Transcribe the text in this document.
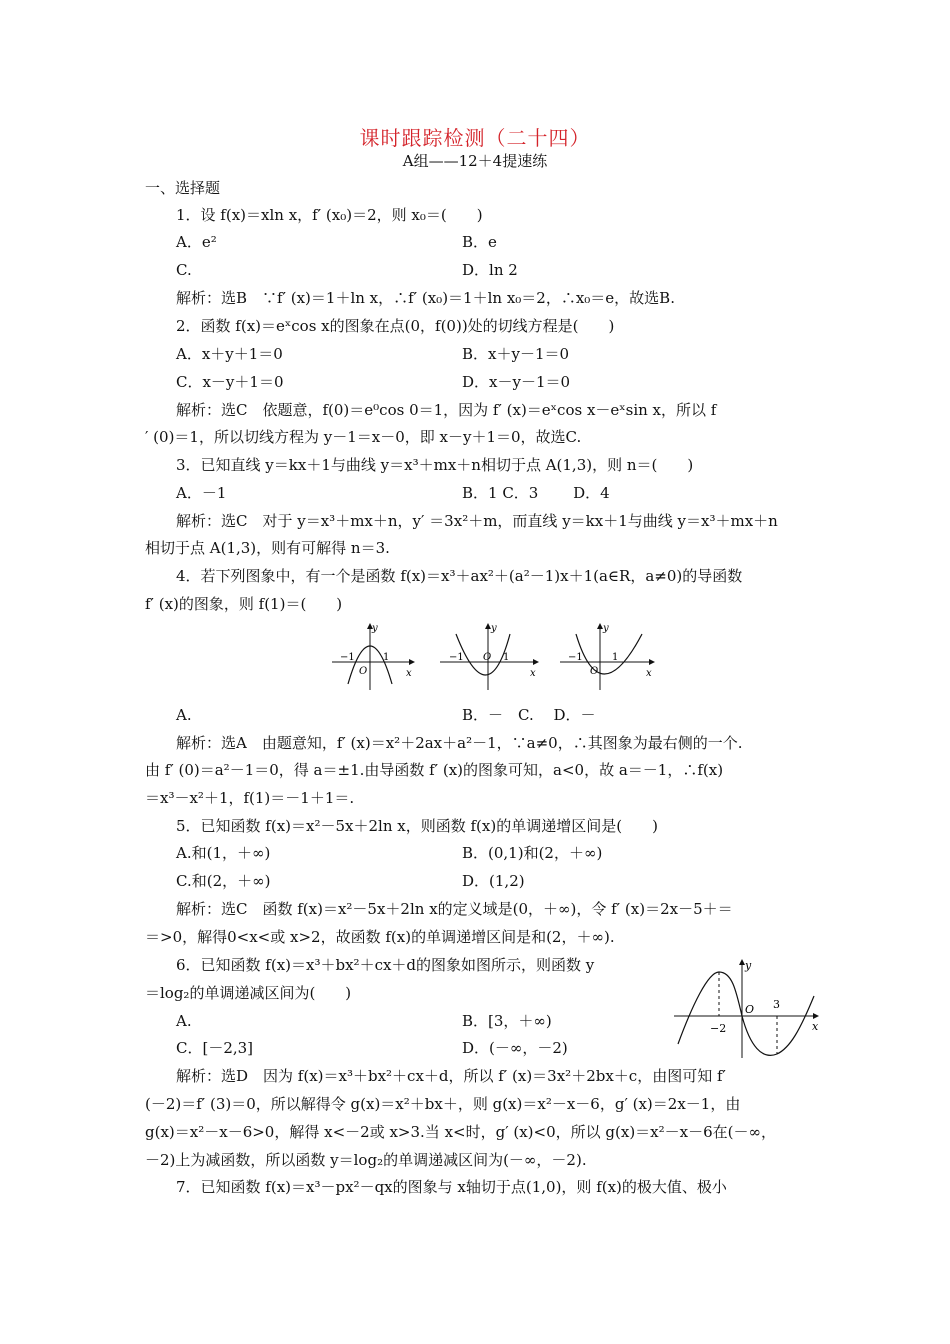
课时跟踪检测（二十四）
A组——12＋4提速练
一、选择题
1．设 f(x)＝xln x，f′ (x₀)＝2，则 x₀＝(　　)
A．e²	B．e
C.	D．ln 2
解析：选B　∵f′ (x)＝1＋ln x，∴f′ (x₀)＝1＋ln x₀＝2，∴x₀＝e，故选B.
2．函数 f(x)＝eˣcos x的图象在点(0，f(0))处的切线方程是(　　)
A．x＋y＋1＝0	B．x＋y－1＝0
C．x－y＋1＝0	D．x－y－1＝0
解析：选C　依题意，f(0)＝e⁰cos 0＝1，因为 f′ (x)＝eˣcos x－eˣsin x，所以 f
′ (0)＝1，所以切线方程为 y－1＝x－0，即 x－y＋1＝0，故选C.
3．已知直线 y＝kx＋1与曲线 y＝x³＋mx＋n相切于点 A(1,3)，则 n＝(　　)
A．－1	B．1 C．3　　 D．4
解析：选C　对于 y＝x³＋mx＋n，y′ ＝3x²＋m，而直线 y＝kx＋1与曲线 y＝x³＋mx＋n
相切于点 A(1,3)，则有可解得 n＝3.
4．若下列图象中，有一个是函数 f(x)＝x³＋ax²＋(a²－1)x＋1(a∈R，a≠0)的导函数
f′ (x)的图象，则 f(1)＝(　　)
y
x
O
−1	1
y
x
O
−1	1
y
x
O
−1	1
A.	B．－　C.　 D．－
解析：选A　由题意知，f′ (x)＝x²＋2ax＋a²－1，∵a≠0，∴其图象为最右侧的一个.
由 f′ (0)＝a²－1＝0，得 a＝±1.由导函数 f′ (x)的图象可知，a<0，故 a＝－1，∴f(x)
＝x³－x²＋1，f(1)＝－1＋1＝.
5．已知函数 f(x)＝x²－5x＋2ln x，则函数 f(x)的单调递增区间是(　　)
A.和(1，＋∞)	B．(0,1)和(2，＋∞)
C.和(2，＋∞)	D．(1,2)
解析：选C　函数 f(x)＝x²－5x＋2ln x的定义域是(0，＋∞)，令 f′ (x)＝2x－5＋＝
＝>0，解得0<x<或 x>2，故函数 f(x)的单调递增区间是和(2，＋∞).
6．已知函数 f(x)＝x³＋bx²＋cx＋d的图象如图所示，则函数 y
＝log₂的单调递减区间为(　　)
A.	B．[3，＋∞)
C．[－2,3]	D．(－∞，－2)
y
x
O
−2
3
解析：选D　因为 f(x)＝x³＋bx²＋cx＋d，所以 f′ (x)＝3x²＋2bx＋c，由图可知 f′
(－2)＝f′ (3)＝0，所以解得令 g(x)＝x²＋bx＋，则 g(x)＝x²－x－6，g′ (x)＝2x－1，由
g(x)＝x²－x－6>0，解得 x<－2或 x>3.当 x<时，g′ (x)<0，所以 g(x)＝x²－x－6在(－∞，
－2)上为减函数，所以函数 y＝log₂的单调递减区间为(－∞，－2).
7．已知函数 f(x)＝x³－px²－qx的图象与 x轴切于点(1,0)，则 f(x)的极大值、极小
